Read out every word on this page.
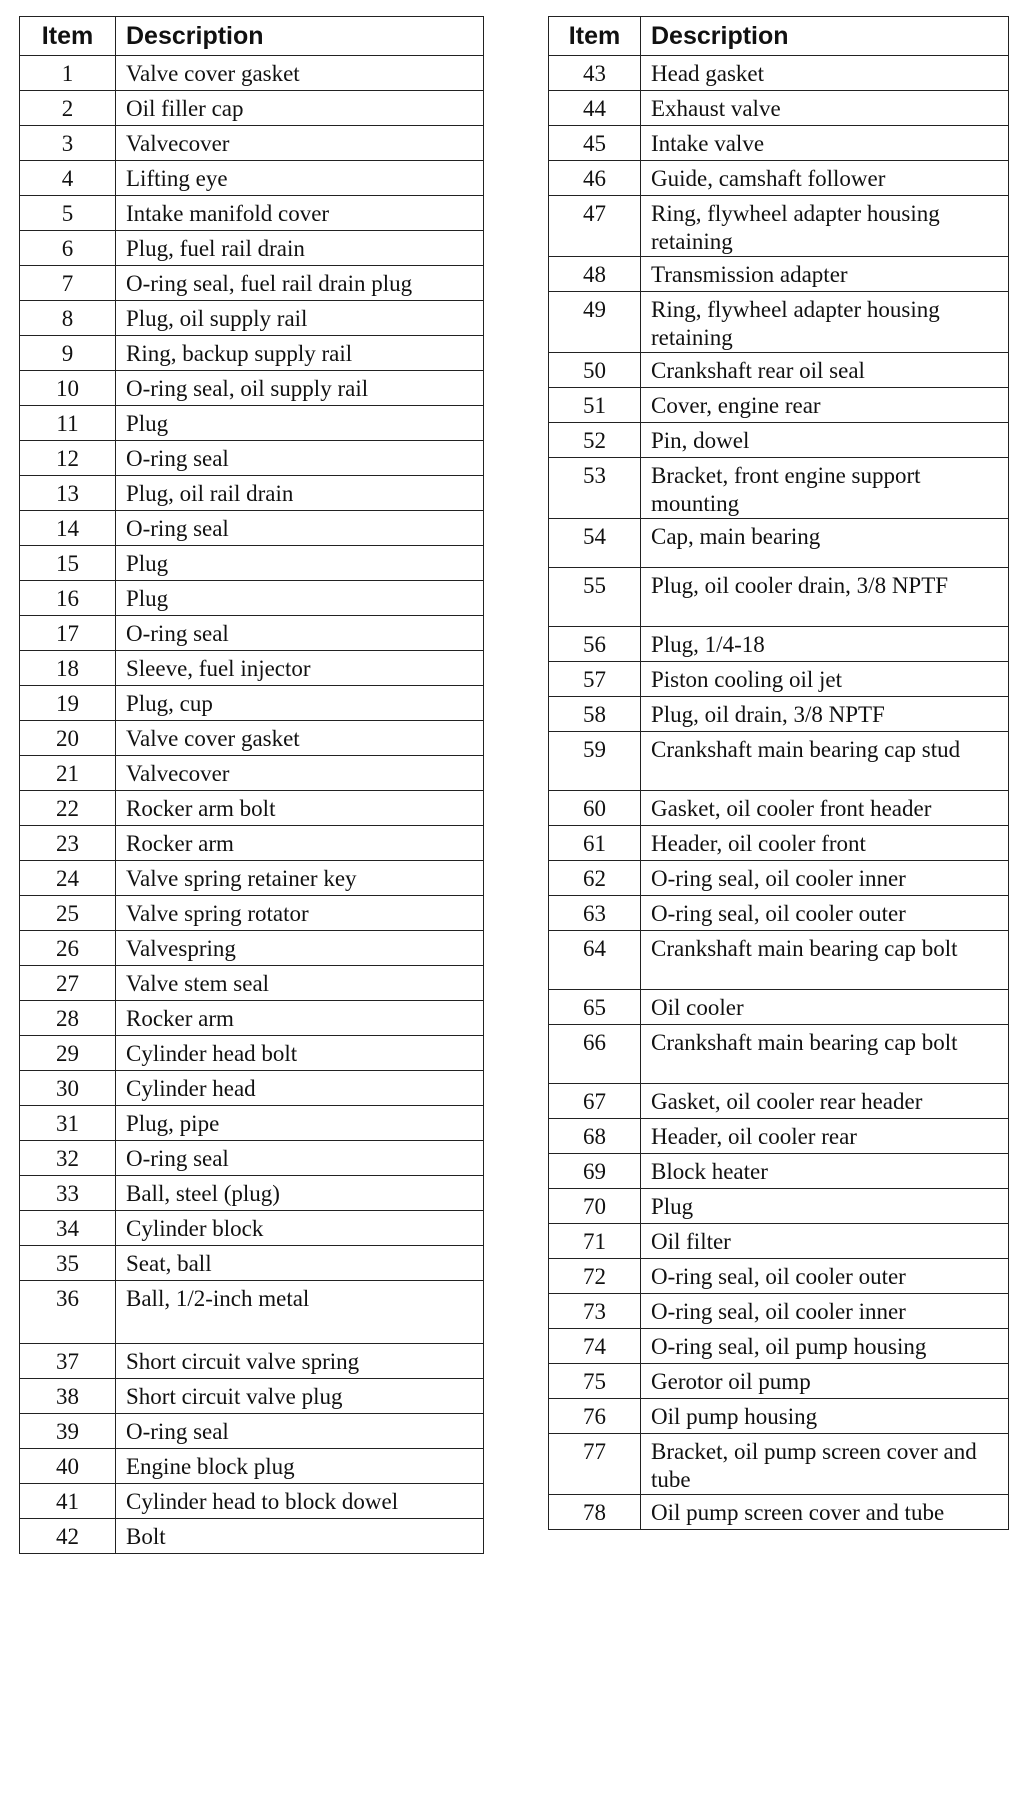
Item	Description
1	Valve cover gasket
2	Oil filler cap
3	Valvecover
4	Lifting eye
5	Intake manifold cover
6	Plug, fuel rail drain
7	O-ring seal, fuel rail drain plug
8	Plug, oil supply rail
9	Ring, backup supply rail
10	O-ring seal, oil supply rail
11	Plug
12	O-ring seal
13	Plug, oil rail drain
14	O-ring seal
15	Plug
16	Plug
17	O-ring seal
18	Sleeve, fuel injector
19	Plug, cup
20	Valve cover gasket
21	Valvecover
22	Rocker arm bolt
23	Rocker arm
24	Valve spring retainer key
25	Valve spring rotator
26	Valvespring
27	Valve stem seal
28	Rocker arm
29	Cylinder head bolt
30	Cylinder head
31	Plug, pipe
32	O-ring seal
33	Ball, steel (plug)
34	Cylinder block
35	Seat, ball
36	Ball, 1/2-inch metal
37	Short circuit valve spring
38	Short circuit valve plug
39	O-ring seal
40	Engine block plug
41	Cylinder head to block dowel
42	Bolt
Item	Description
43	Head gasket
44	Exhaust valve
45	Intake valve
46	Guide, camshaft follower
47	Ring, flywheel adapter housing retaining
48	Transmission adapter
49	Ring, flywheel adapter housing retaining
50	Crankshaft rear oil seal
51	Cover, engine rear
52	Pin, dowel
53	Bracket, front engine support mounting
54	Cap, main bearing
55	Plug, oil cooler drain, 3/8 NPTF
56	Plug, 1/4-18
57	Piston cooling oil jet
58	Plug, oil drain, 3/8 NPTF
59	Crankshaft main bearing cap stud
60	Gasket, oil cooler front header
61	Header, oil cooler front
62	O-ring seal, oil cooler inner
63	O-ring seal, oil cooler outer
64	Crankshaft main bearing cap bolt
65	Oil cooler
66	Crankshaft main bearing cap bolt
67	Gasket, oil cooler rear header
68	Header, oil cooler rear
69	Block heater
70	Plug
71	Oil filter
72	O-ring seal, oil cooler outer
73	O-ring seal, oil cooler inner
74	O-ring seal, oil pump housing
75	Gerotor oil pump
76	Oil pump housing
77	Bracket, oil pump screen cover and tube
78	Oil pump screen cover and tube
